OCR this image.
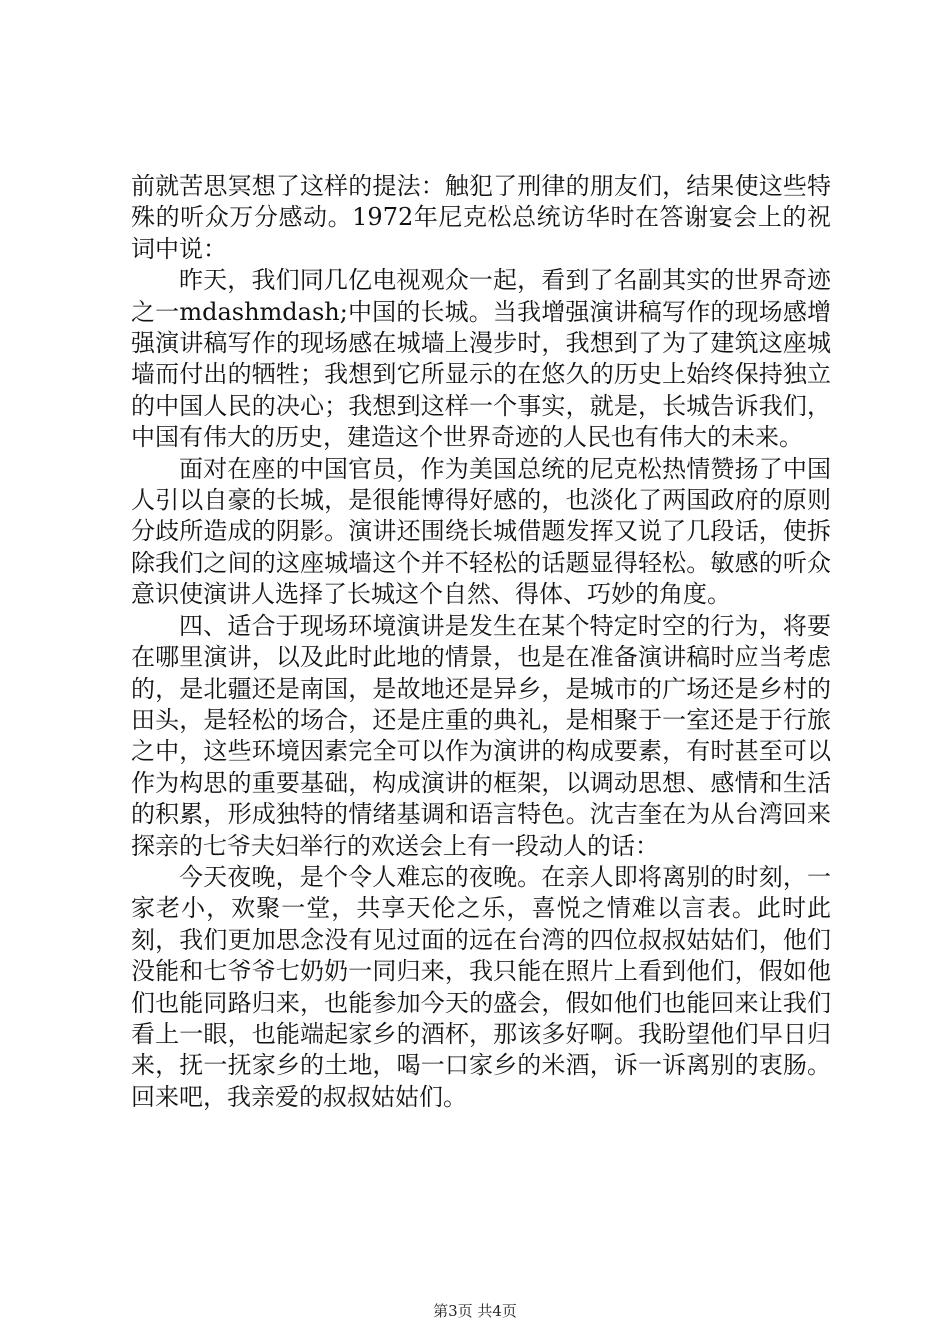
前就苦思冥想了这样的提法：触犯了刑律的朋友们，结果使这些特殊的听众万分感动。1972年尼克松总统访华时在答谢宴会上的祝词中说：

昨天，我们同几亿电视观众一起，看到了名副其实的世界奇迹之一mdashmdash;中国的长城。当我增强演讲稿写作的现场感增强演讲稿写作的现场感在城墙上漫步时，我想到了为了建筑这座城墙而付出的牺牲；我想到它所显示的在悠久的历史上始终保持独立的中国人民的决心；我想到这样一个事实，就是，长城告诉我们，中国有伟大的历史，建造这个世界奇迹的人民也有伟大的未来。

面对在座的中国官员，作为美国总统的尼克松热情赞扬了中国人引以自豪的长城，是很能博得好感的，也淡化了两国政府的原则分歧所造成的阴影。演讲还围绕长城借题发挥又说了几段话，使拆除我们之间的这座城墙这个并不轻松的话题显得轻松。敏感的听众意识使演讲人选择了长城这个自然、得体、巧妙的角度。

四、适合于现场环境演讲是发生在某个特定时空的行为，将要在哪里演讲，以及此时此地的情景，也是在准备演讲稿时应当考虑的，是北疆还是南国，是故地还是异乡，是城市的广场还是乡村的田头，是轻松的场合，还是庄重的典礼，是相聚于一室还是于行旅之中，这些环境因素完全可以作为演讲的构成要素，有时甚至可以作为构思的重要基础，构成演讲的框架，以调动思想、感情和生活的积累，形成独特的情绪基调和语言特色。沈吉奎在为从台湾回来探亲的七爷夫妇举行的欢送会上有一段动人的话：

今天夜晚，是个令人难忘的夜晚。在亲人即将离别的时刻，一家老小，欢聚一堂，共享天伦之乐，喜悦之情难以言表。此时此刻，我们更加思念没有见过面的远在台湾的四位叔叔姑姑们，他们没能和七爷爷七奶奶一同归来，我只能在照片上看到他们，假如他们也能同路归来，也能参加今天的盛会，假如他们也能回来让我们看上一眼，也能端起家乡的酒杯，那该多好啊。我盼望他们早日归来，抚一抚家乡的土地，喝一口家乡的米酒，诉一诉离别的衷肠。回来吧，我亲爱的叔叔姑姑们。

第3页 共4页
